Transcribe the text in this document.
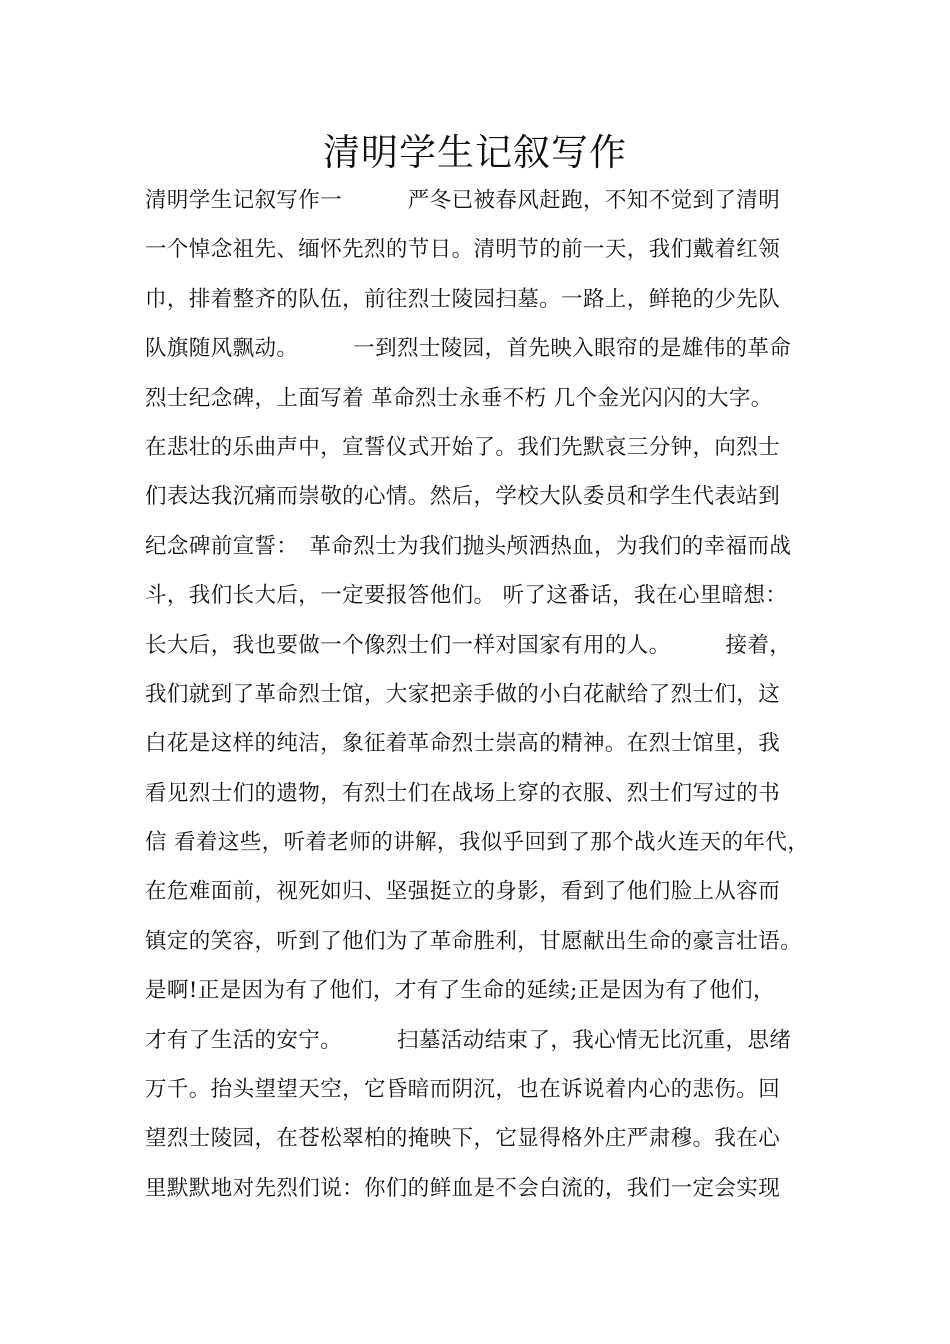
清明学生记叙写作
清明学生记叙写作一　　　严冬已被春风赶跑，不知不觉到了清明
一个悼念祖先、缅怀先烈的节日。清明节的前一天，我们戴着红领
巾，排着整齐的队伍，前往烈士陵园扫墓。一路上，鲜艳的少先队
队旗随风飘动。　　　一到烈士陵园，首先映入眼帘的是雄伟的革命
烈士纪念碑，上面写着 革命烈士永垂不朽 几个金光闪闪的大字。
在悲壮的乐曲声中，宣誓仪式开始了。我们先默哀三分钟，向烈士
们表达我沉痛而崇敬的心情。然后，学校大队委员和学生代表站到
纪念碑前宣誓：　革命烈士为我们抛头颅洒热血，为我们的幸福而战
斗，我们长大后，一定要报答他们。 听了这番话，我在心里暗想：
长大后，我也要做一个像烈士们一样对国家有用的人。　　　接着，
我们就到了革命烈士馆，大家把亲手做的小白花献给了烈士们，这
白花是这样的纯洁，象征着革命烈士崇高的精神。在烈士馆里，我
看见烈士们的遗物，有烈士们在战场上穿的衣服、烈士们写过的书
信 看着这些，听着老师的讲解，我似乎回到了那个战火连天的年代，
在危难面前，视死如归、坚强挺立的身影，看到了他们脸上从容而
镇定的笑容，听到了他们为了革命胜利，甘愿献出生命的豪言壮语。
是啊!正是因为有了他们，才有了生命的延续;正是因为有了他们，
才有了生活的安宁。　　　扫墓活动结束了，我心情无比沉重，思绪
万千。抬头望望天空，它昏暗而阴沉，也在诉说着内心的悲伤。回
望烈士陵园，在苍松翠柏的掩映下，它显得格外庄严肃穆。我在心
里默默地对先烈们说：你们的鲜血是不会白流的，我们一定会实现
